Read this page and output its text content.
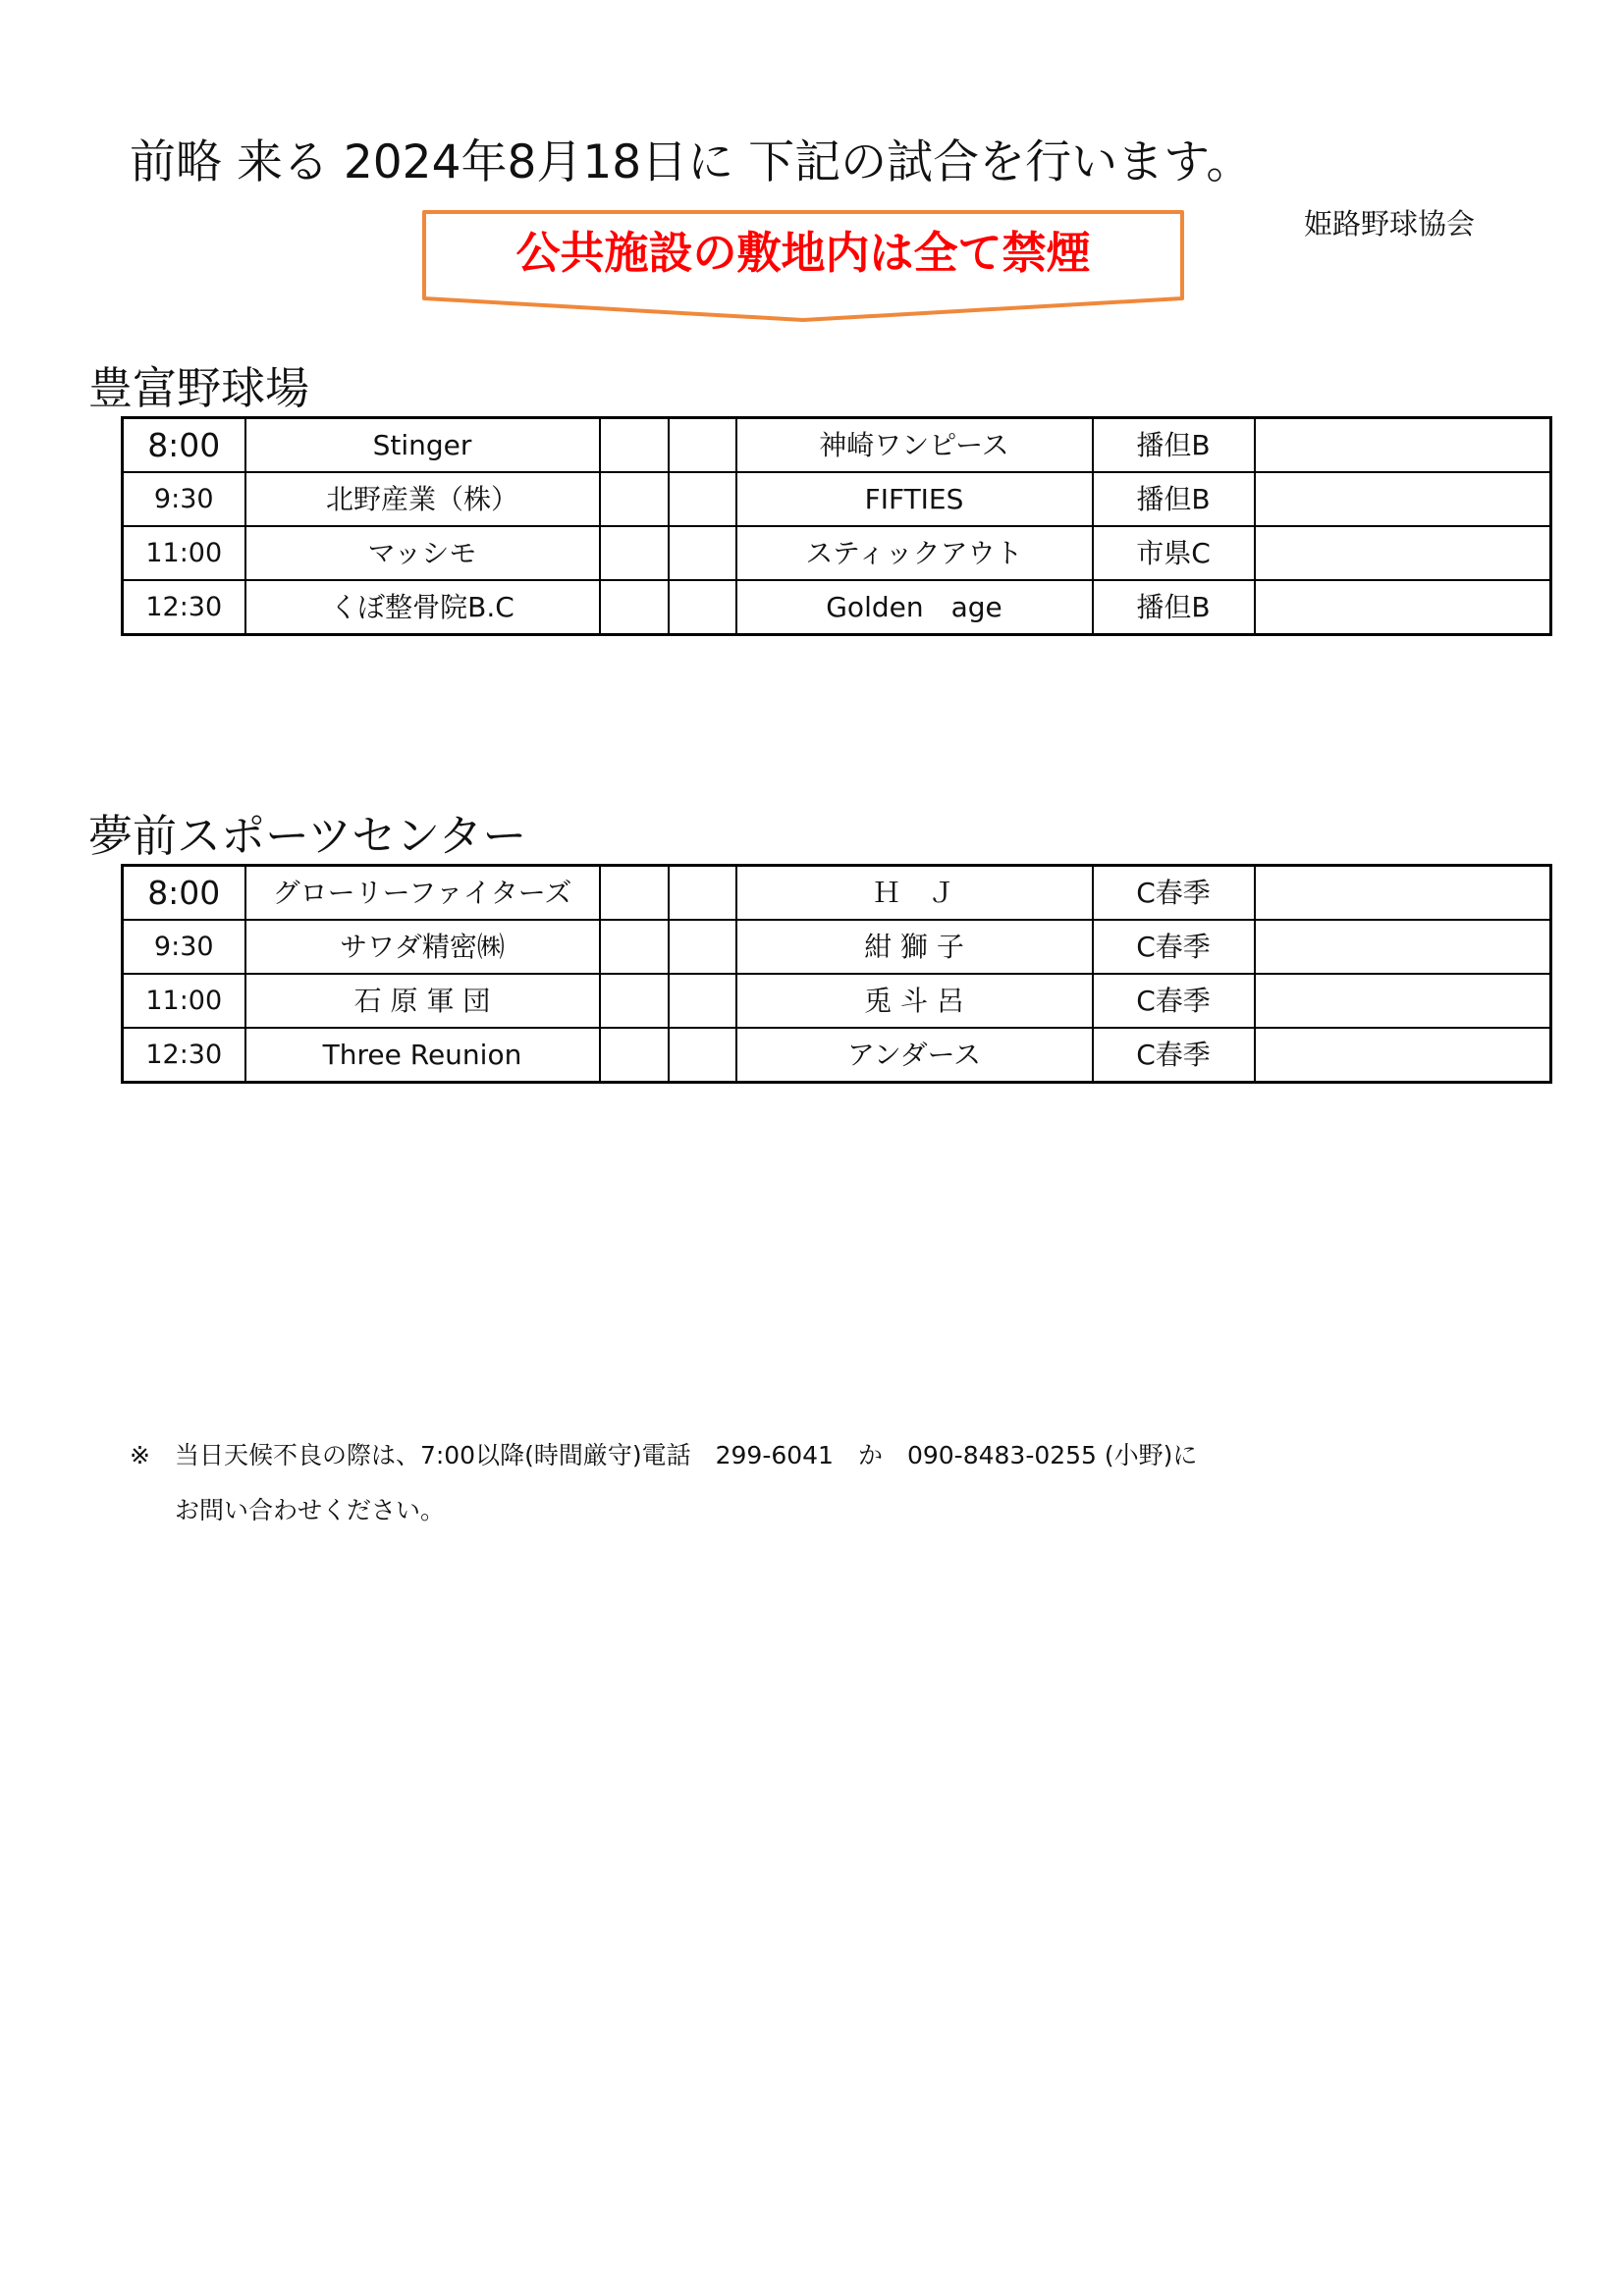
前略 来る 2024年8月18日に 下記の試合を行います。
姫路野球協会
公共施設の敷地内は全て禁煙
豊富野球場
8:00	Stinger			神崎ワンピース	播但B	
9:30	北野産業（株）			FIFTIES	播但B	
11:00	マッシモ			スティックアウト	市県C	
12:30	くぼ整骨院B.C			Golden　age	播但B	
夢前スポーツセンター
8:00	グローリーファイターズ			Ｈ　Ｊ	C春季	
9:30	サワダ精密㈱			紺 獅 子	C春季	
11:00	石 原 軍 団			兎 斗 呂	C春季	
12:30	Three Reunion			アンダース	C春季	
※　当日天候不良の際は、7:00以降(時間厳守)電話　299-6041　か　090-8483-0255 (小野)に
お問い合わせください。
